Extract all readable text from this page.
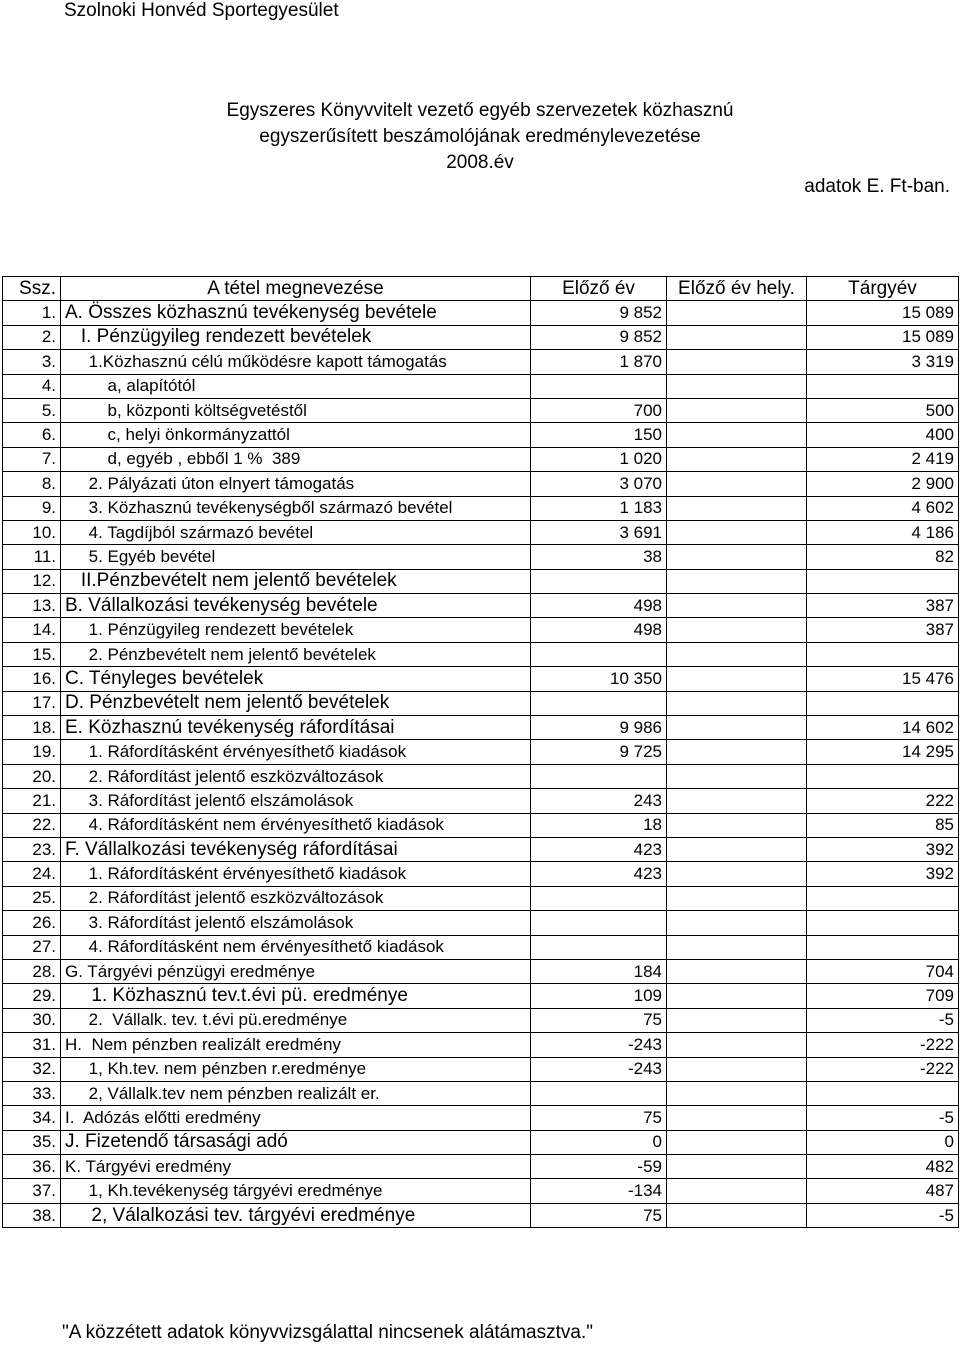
Szolnoki Honvéd Sportegyesület
Egyszeres Könyvvitelt vezető egyéb szervezetek közhasznú
egyszerűsített beszámolójának eredménylevezetése
2008.év
adatok E. Ft-ban.
Ssz.	A tétel megnevezése	Előző év	Előző év hely.	Tárgyév
1.	A. Összes közhasznú tevékenység bevétele	9 852		15 089
2.	I. Pénzügyileg rendezett bevételek	9 852		15 089
3.	1.Közhasznú célú működésre kapott támogatás	1 870		3 319
4.	a, alapítótól			
5.	b, központi költségvetéstől	700		500
6.	c, helyi önkormányzattól	150		400
7.	d, egyéb , ebből 1 %  389	1 020		2 419
8.	2. Pályázati úton elnyert támogatás	3 070		2 900
9.	3. Közhasznú tevékenységből származó bevétel	1 183		4 602
10.	4. Tagdíjból származó bevétel	3 691		4 186
11.	5. Egyéb bevétel	38		82
12.	II.Pénzbevételt nem jelentő bevételek			
13.	B. Vállalkozási tevékenység bevétele	498		387
14.	1. Pénzügyileg rendezett bevételek	498		387
15.	2. Pénzbevételt nem jelentő bevételek			
16.	C. Tényleges bevételek	10 350		15 476
17.	D. Pénzbevételt nem jelentő bevételek			
18.	E. Közhasznú tevékenység ráfordításai	9 986		14 602
19.	1. Ráfordításként érvényesíthető kiadások	9 725		14 295
20.	2. Ráfordítást jelentő eszközváltozások			
21.	3. Ráfordítást jelentő elszámolások	243		222
22.	4. Ráfordításként nem érvényesíthető kiadások	18		85
23.	F. Vállalkozási tevékenység ráfordításai	423		392
24.	1. Ráfordításként érvényesíthető kiadások	423		392
25.	2. Ráfordítást jelentő eszközváltozások			
26.	3. Ráfordítást jelentő elszámolások			
27.	4. Ráfordításként nem érvényesíthető kiadások			
28.	G. Tárgyévi pénzügyi eredménye	184		704
29.	1. Közhasznú tev.t.évi pü. eredménye	109		709
30.	2.  Vállalk. tev. t.évi pü.eredménye	75		-5
31.	H.  Nem pénzben realizált eredmény	-243		-222
32.	1, Kh.tev. nem pénzben r.eredménye	-243		-222
33.	2, Vállalk.tev nem pénzben realizált er.			
34.	I.  Adózás előtti eredmény	75		-5
35.	J. Fizetendő társasági adó	0		0
36.	K. Tárgyévi eredmény	-59		482
37.	1, Kh.tevékenység tárgyévi eredménye	-134		487
38.	2, Válalkozási tev. tárgyévi eredménye	75		-5
"A közzétett adatok könyvvizsgálattal nincsenek alátámasztva."
